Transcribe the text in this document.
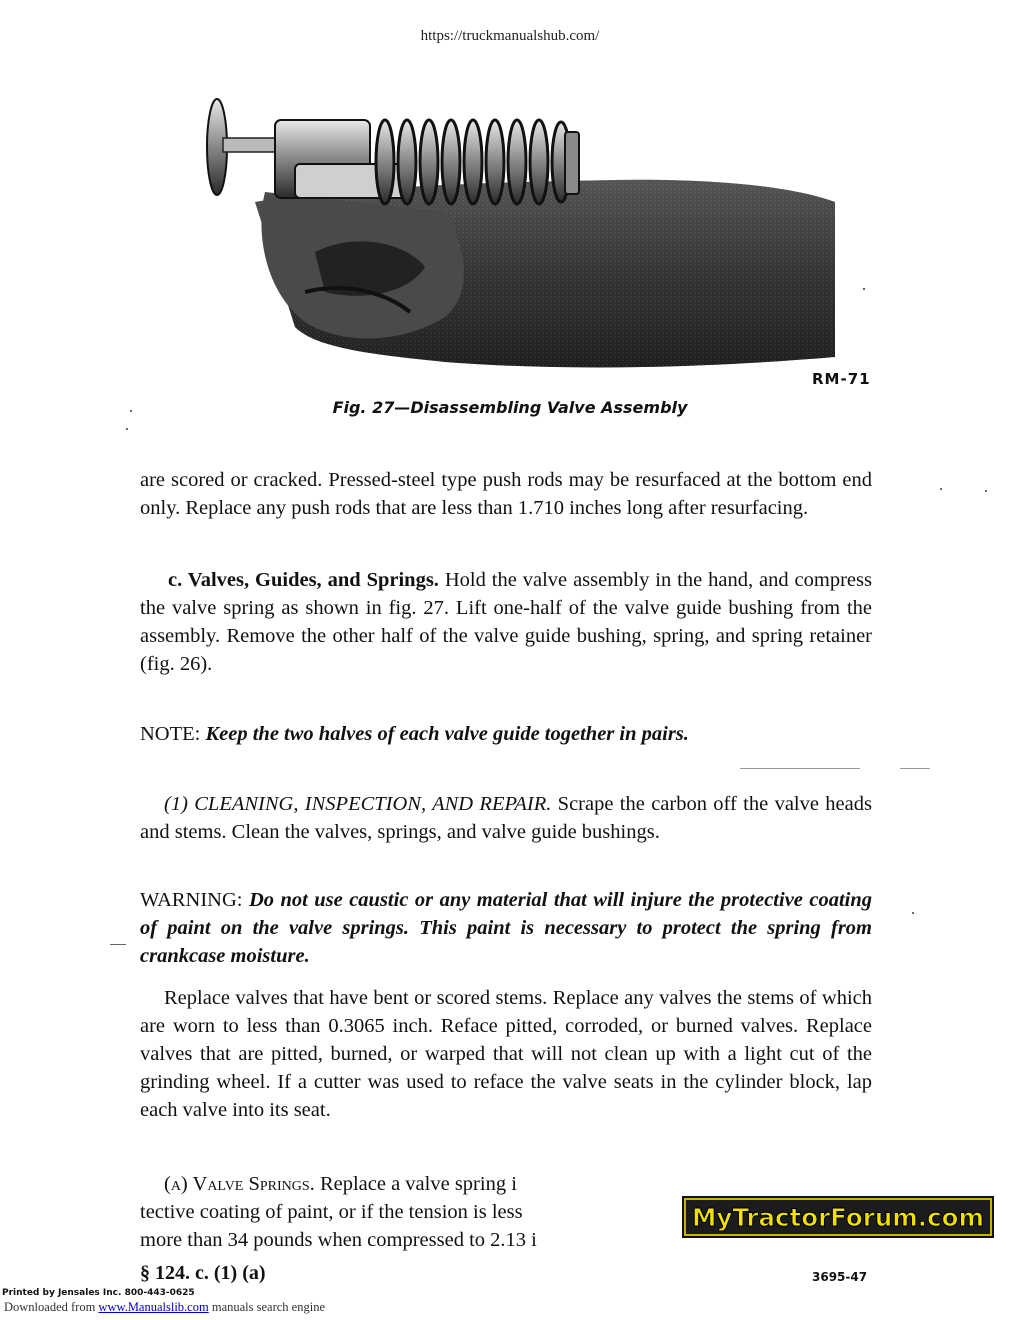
https://truckmanualshub.com/
RM-71
Fig. 27—Disassembling Valve Assembly

are scored or cracked. Pressed-steel type push rods may be resurfaced at the bottom end only. Replace any push rods that are less than 1.710 inches long after resurfacing.

c. Valves, Guides, and Springs. Hold the valve assembly in the hand, and compress the valve spring as shown in fig. 27. Lift one-half of the valve guide bushing from the assembly. Remove the other half of the valve guide bushing, spring, and spring retainer (fig. 26).

NOTE: Keep the two halves of each valve guide together in pairs.

(1) CLEANING, INSPECTION, AND REPAIR. Scrape the carbon off the valve heads and stems. Clean the valves, springs, and valve guide bushings.

WARNING: Do not use caustic or any material that will injure the protective coating of paint on the valve springs. This paint is necessary to protect the spring from crankcase moisture.

Replace valves that have bent or scored stems. Replace any valves the stems of which are worn to less than 0.3065 inch. Reface pitted, corroded, or burned valves. Replace valves that are pitted, burned, or warped that will not clean up with a light cut of the grinding wheel. If a cutter was used to reface the valve seats in the cylinder block, lap each valve into its seat.

(a) Valve Springs. Replace a valve spring i
tective coating of paint, or if the tension is less
more than 34 pounds when compressed to 2.13 i
MyTractorForum.com
§ 124. c. (1) (a)	3695-47
Printed by Jensales Inc. 800-443-0625
Downloaded from www.Manualslib.com manuals search engine
